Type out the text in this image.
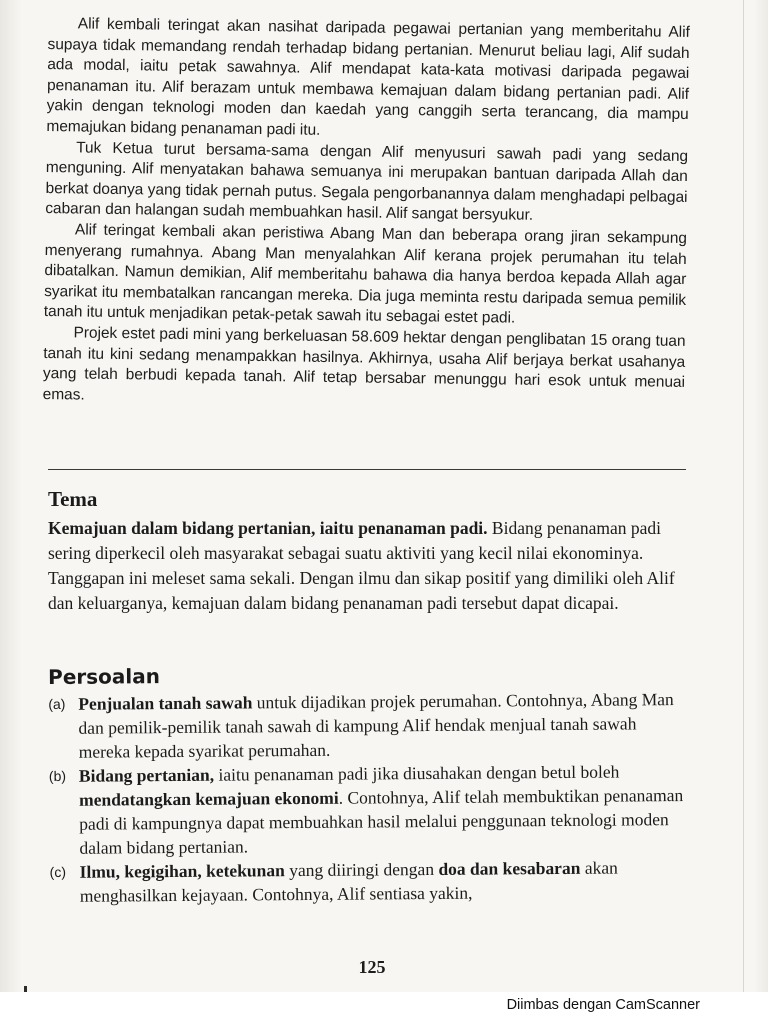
Alif kembali teringat akan nasihat daripada pegawai pertanian yang memberitahu Alif supaya tidak memandang rendah terhadap bidang pertanian. Menurut beliau lagi, Alif sudah ada modal, iaitu petak sawahnya. Alif mendapat kata-kata motivasi daripada pegawai penanaman itu. Alif berazam untuk membawa kemajuan dalam bidang pertanian padi. Alif yakin dengan teknologi moden dan kaedah yang canggih serta terancang, dia mampu memajukan bidang penanaman padi itu.

Tuk Ketua turut bersama-sama dengan Alif menyusuri sawah padi yang sedang menguning. Alif menyatakan bahawa semuanya ini merupakan bantuan daripada Allah dan berkat doanya yang tidak pernah putus. Segala pengorbanannya dalam menghadapi pelbagai cabaran dan halangan sudah membuahkan hasil. Alif sangat bersyukur.

Alif teringat kembali akan peristiwa Abang Man dan beberapa orang jiran sekampung menyerang rumahnya. Abang Man menyalahkan Alif kerana projek perumahan itu telah dibatalkan. Namun demikian, Alif memberitahu bahawa dia hanya berdoa kepada Allah agar syarikat itu membatalkan rancangan mereka. Dia juga meminta restu daripada semua pemilik tanah itu untuk menjadikan petak-petak sawah itu sebagai estet padi.

Projek estet padi mini yang berkeluasan 58.609 hektar dengan penglibatan 15 orang tuan tanah itu kini sedang menampakkan hasilnya. Akhirnya, usaha Alif berjaya berkat usahanya yang telah berbudi kepada tanah. Alif tetap bersabar menunggu hari esok untuk menuai emas.

Tema

Kemajuan dalam bidang pertanian, iaitu penanaman padi. Bidang penanaman padi sering diperkecil oleh masyarakat sebagai suatu aktiviti yang kecil nilai ekonominya. Tanggapan ini meleset sama sekali. Dengan ilmu dan sikap positif yang dimiliki oleh Alif dan keluarganya, kemajuan dalam bidang penanaman padi tersebut dapat dicapai.

Persoalan
(a) Penjualan tanah sawah untuk dijadikan projek perumahan. Contohnya, Abang Man dan pemilik-pemilik tanah sawah di kampung Alif hendak menjual tanah sawah mereka kepada syarikat perumahan.
(b) Bidang pertanian, iaitu penanaman padi jika diusahakan dengan betul boleh mendatangkan kemajuan ekonomi. Contohnya, Alif telah membuktikan penanaman padi di kampungnya dapat membuahkan hasil melalui penggunaan teknologi moden dalam bidang pertanian.
(c) Ilmu, kegigihan, ketekunan yang diiringi dengan doa dan kesabaran akan menghasilkan kejayaan. Contohnya, Alif sentiasa yakin,
125
Diimbas dengan CamScanner
